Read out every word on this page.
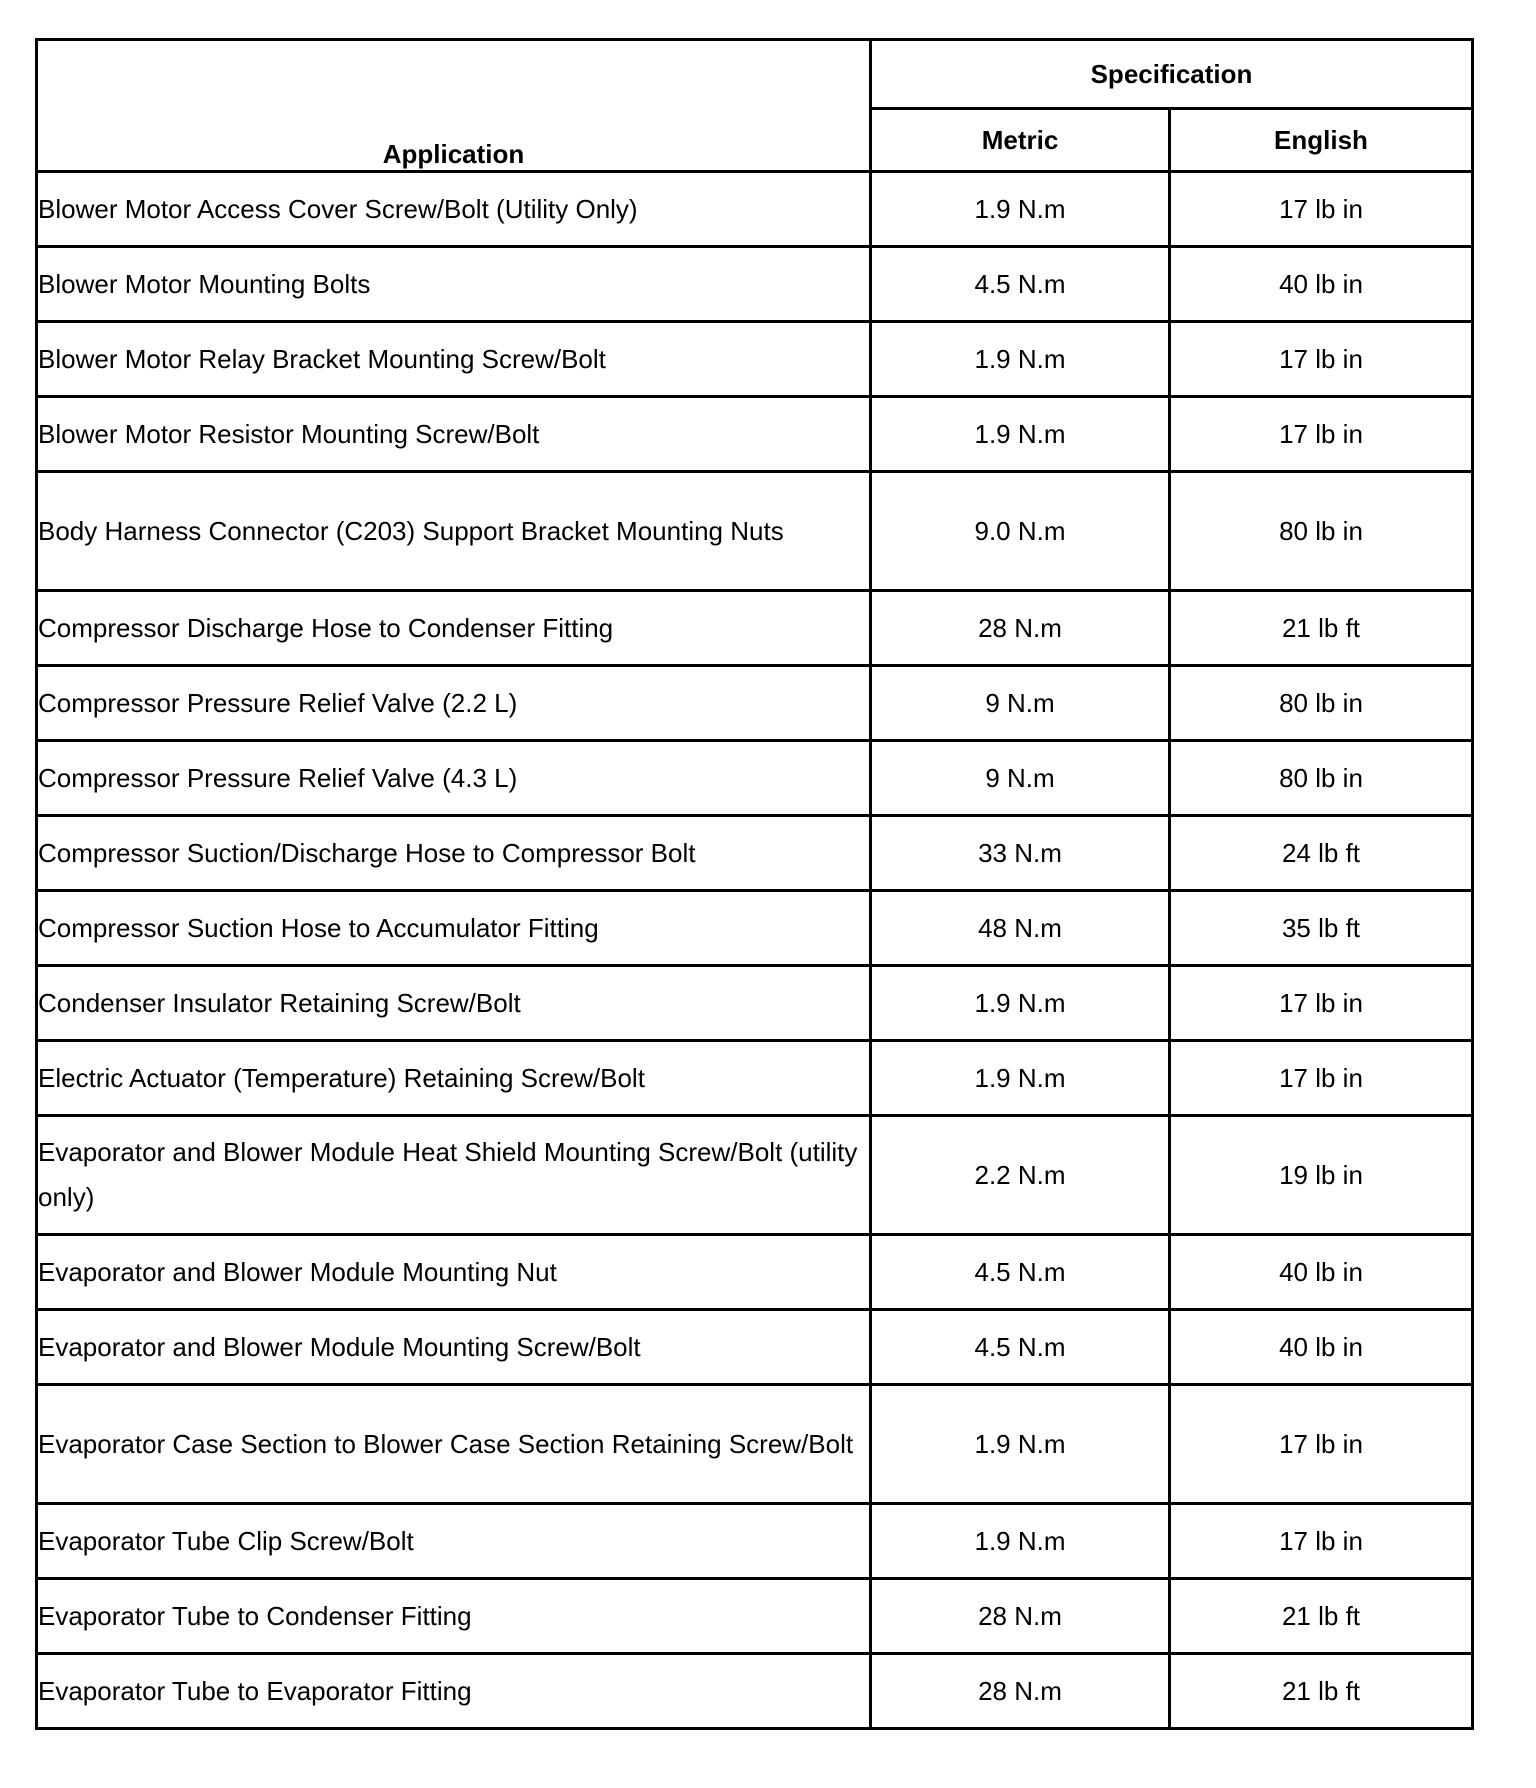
Application	Specification	
	Metric	English
Blower Motor Access Cover Screw/Bolt (Utility Only)	1.9 N.m	17 lb in
Blower Motor Mounting Bolts	4.5 N.m	40 lb in
Blower Motor Relay Bracket Mounting Screw/Bolt	1.9 N.m	17 lb in
Blower Motor Resistor Mounting Screw/Bolt	1.9 N.m	17 lb in
Body Harness Connector (C203) Support Bracket Mounting Nuts	9.0 N.m	80 lb in
Compressor Discharge Hose to Condenser Fitting	28 N.m	21 lb ft
Compressor Pressure Relief Valve (2.2 L)	9 N.m	80 lb in
Compressor Pressure Relief Valve (4.3 L)	9 N.m	80 lb in
Compressor Suction/Discharge Hose to Compressor Bolt	33 N.m	24 lb ft
Compressor Suction Hose to Accumulator Fitting	48 N.m	35 lb ft
Condenser Insulator Retaining Screw/Bolt	1.9 N.m	17 lb in
Electric Actuator (Temperature) Retaining Screw/Bolt	1.9 N.m	17 lb in
Evaporator and Blower Module Heat Shield Mounting Screw/Bolt (utility only)	2.2 N.m	19 lb in
Evaporator and Blower Module Mounting Nut	4.5 N.m	40 lb in
Evaporator and Blower Module Mounting Screw/Bolt	4.5 N.m	40 lb in
Evaporator Case Section to Blower Case Section Retaining Screw/Bolt	1.9 N.m	17 lb in
Evaporator Tube Clip Screw/Bolt	1.9 N.m	17 lb in
Evaporator Tube to Condenser Fitting	28 N.m	21 lb ft
Evaporator Tube to Evaporator Fitting	28 N.m	21 lb ft
